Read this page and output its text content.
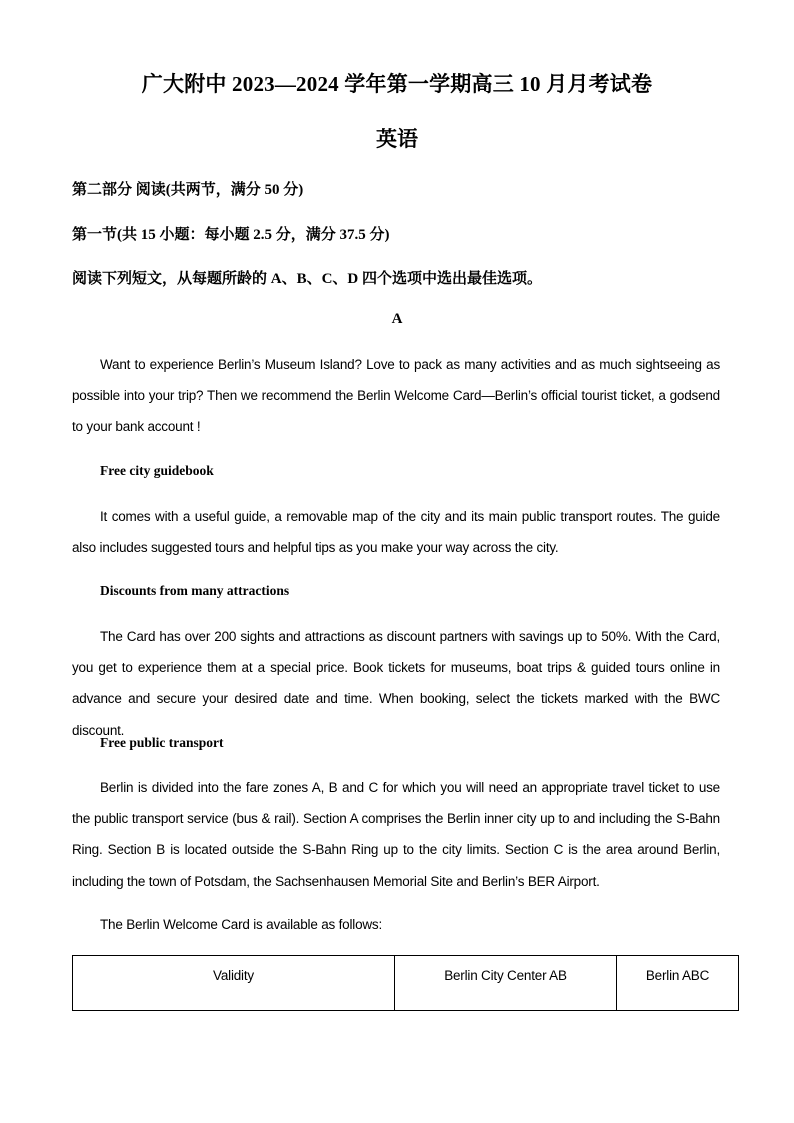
广大附中 2023—2024 学年第一学期高三 10 月月考试卷
英语
第二部分 阅读(共两节，满分 50 分)
第一节(共 15 小题：每小题 2.5 分，满分 37.5 分)
阅读下列短文，从每题所龄的 A、B、C、D 四个选项中选出最佳选项。
A
Want to experience Berlin’s Museum Island? Love to pack as many activities and as much sightseeing as possible into your trip? Then we recommend the Berlin Welcome Card—Berlin’s official tourist ticket, a godsend to your bank account !
Free city guidebook
It comes with a useful guide, a removable map of the city and its main public transport routes. The guide also includes suggested tours and helpful tips as you make your way across the city.
Discounts from many attractions
The Card has over 200 sights and attractions as discount partners with savings up to 50%. With the Card, you get to experience them at a special price. Book tickets for museums, boat trips & guided tours online in advance and secure your desired date and time. When booking, select the tickets marked with the BWC discount.
Free public transport
Berlin is divided into the fare zones A, B and C for which you will need an appropriate travel ticket to use the public transport service (bus & rail). Section A comprises the Berlin inner city up to and including the S-Bahn Ring. Section B is located outside the S-Bahn Ring up to the city limits. Section C is the area around Berlin, including the town of Potsdam, the Sachsenhausen Memorial Site and Berlin’s BER Airport.
The Berlin Welcome Card is available as follows:
Validity	Berlin City Center AB	Berlin ABC
